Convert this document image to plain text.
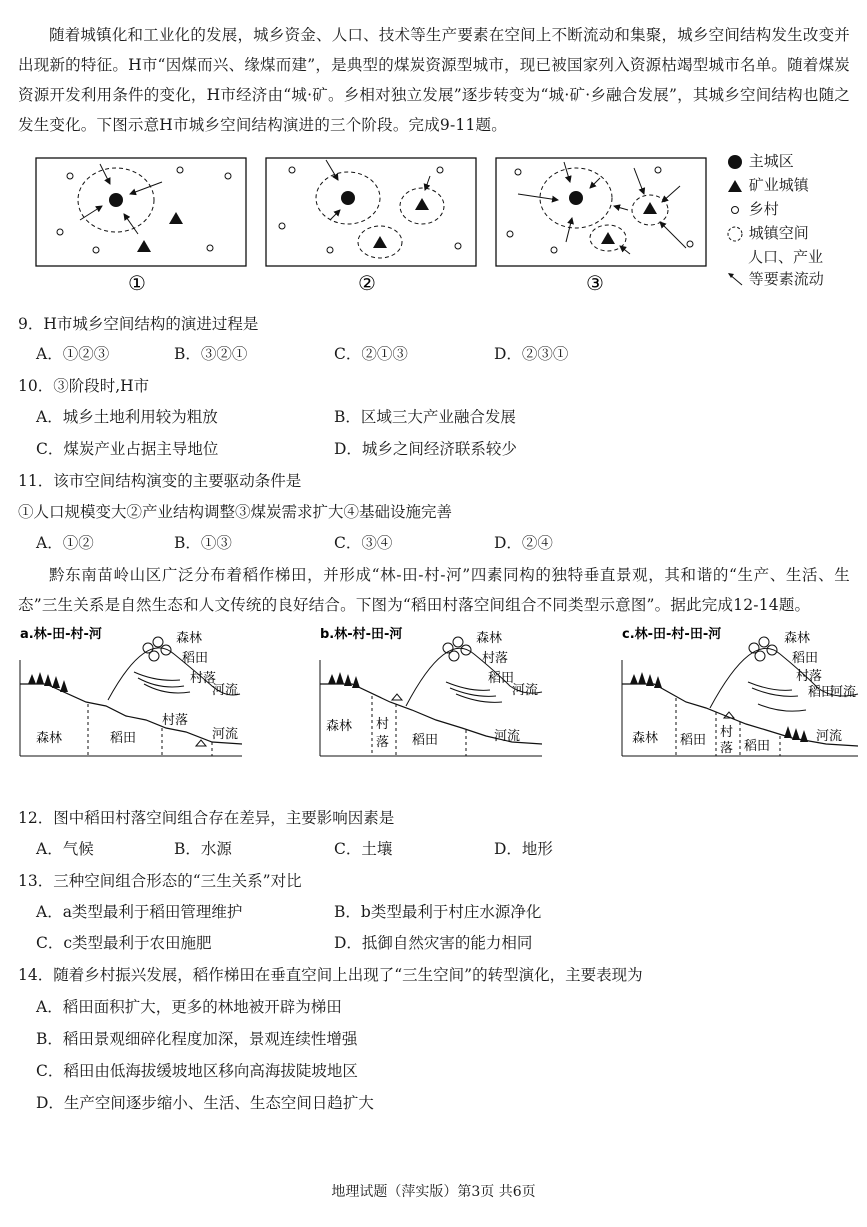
随着城镇化和工业化的发展，城乡资金、人口、技术等生产要素在空间上不断流动和集聚，城乡空间结构发生改变并出现新的特征。H市“因煤而兴、缘煤而建”，是典型的煤炭资源型城市，现已被国家列入资源枯竭型城市名单。随着煤炭资源开发利用条件的变化，H市经济由“城·矿。乡相对独立发展”逐步转变为“城·矿·乡融合发展”，其城乡空间结构也随之发生变化。下图示意H市城乡空间结构演进的三个阶段。完成9-11题。
①	②	③
主城区
矿业城镇
乡村
城镇空间
人口、产业
等要素流动
9．H市城乡空间结构的演进过程是
A．①②③	B．③②①	C．②①③	D．②③①
10．③阶段时,H市
A．城乡土地利用较为粗放	B．区域三大产业融合发展
C．煤炭产业占据主导地位	D．城乡之间经济联系较少
11．该市空间结构演变的主要驱动条件是
①人口规模变大②产业结构调整③煤炭需求扩大④基础设施完善
A．①②	B．①③	C．③④	D．②④
黔东南苗岭山区广泛分布着稻作梯田，并形成“林-田-村-河”四素同构的独特垂直景观，其和谐的“生产、生活、生态”三生关系是自然生态和人文传统的良好结合。下图为“稻田村落空间组合不同类型示意图”。据此完成12-14题。
a.林-田-村-河
森林	稻田
村落
河流
森林
稻田
村落
河流
b.林-村-田-河
森林 村
落 稻田	河流
森林
村落
稻田
河流
c.林-田-村-田-河
森林 稻田
村
落 稻田
河流
森林
稻田
村落
稻田
河流
12．图中稻田村落空间组合存在差异，主要影响因素是
A．气候	B．水源	C．土壤	D．地形
13．三种空间组合形态的“三生关系”对比
A．a类型最利于稻田管理维护	B．b类型最利于村庄水源净化
C．c类型最利于农田施肥	D．抵御自然灾害的能力相同
14．随着乡村振兴发展，稻作梯田在垂直空间上出现了“三生空间”的转型演化，主要表现为
A．稻田面积扩大，更多的林地被开辟为梯田
B．稻田景观细碎化程度加深，景观连续性增强
C．稻田由低海拔缓坡地区移向高海拔陡坡地区
D．生产空间逐步缩小、生活、生态空间日趋扩大
地理试题（萍实版）第3页 共6页
